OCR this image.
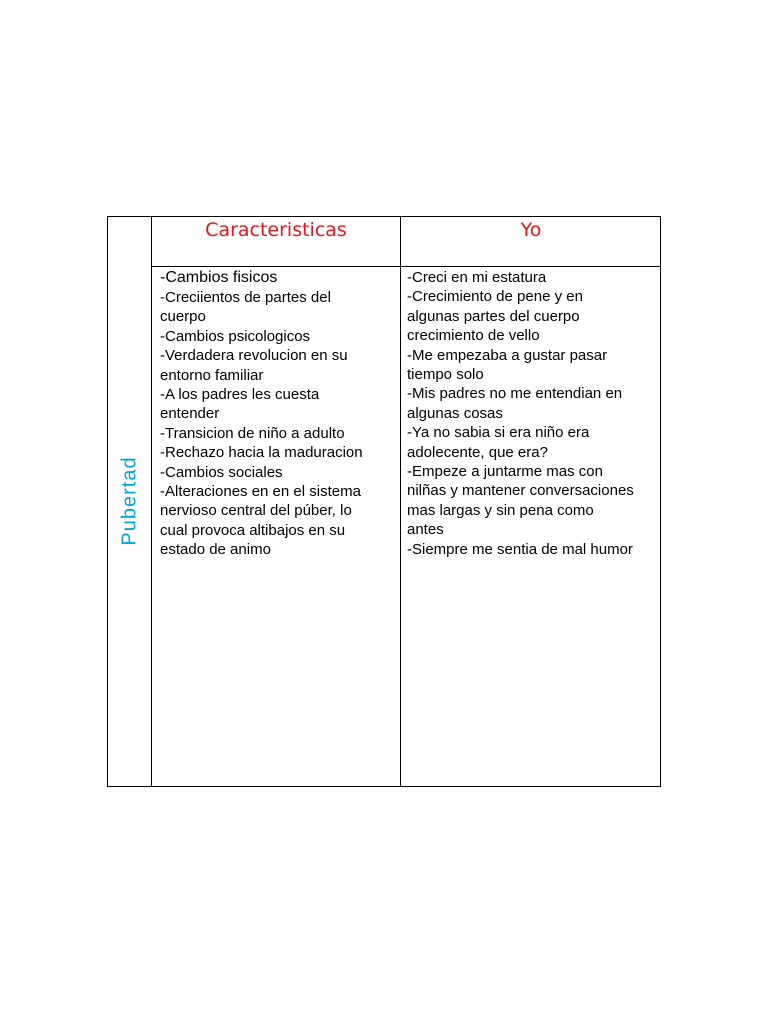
Pubertad
Caracteristicas	Yo
-Cambios fisicos
-Creciientos de partes del
cuerpo
-Cambios psicologicos
-Verdadera revolucion en su
entorno familiar
-A los padres les cuesta
entender
-Transicion de niño a adulto
-Rechazo hacia la maduracion
-Cambios sociales
-Alteraciones en en el sistema
nervioso central del púber, lo
cual provoca altibajos en su
estado de animo
-Creci en mi estatura
-Crecimiento de pene y en
algunas partes del cuerpo
crecimiento de vello
-Me empezaba a gustar pasar
tiempo solo
-Mis padres no me entendian en
algunas cosas
-Ya no sabia si era niño era
adolecente, que era?
-Empeze a juntarme mas con
nilñas y mantener conversaciones
mas largas y sin pena como
antes
-Siempre me sentia de mal humor
